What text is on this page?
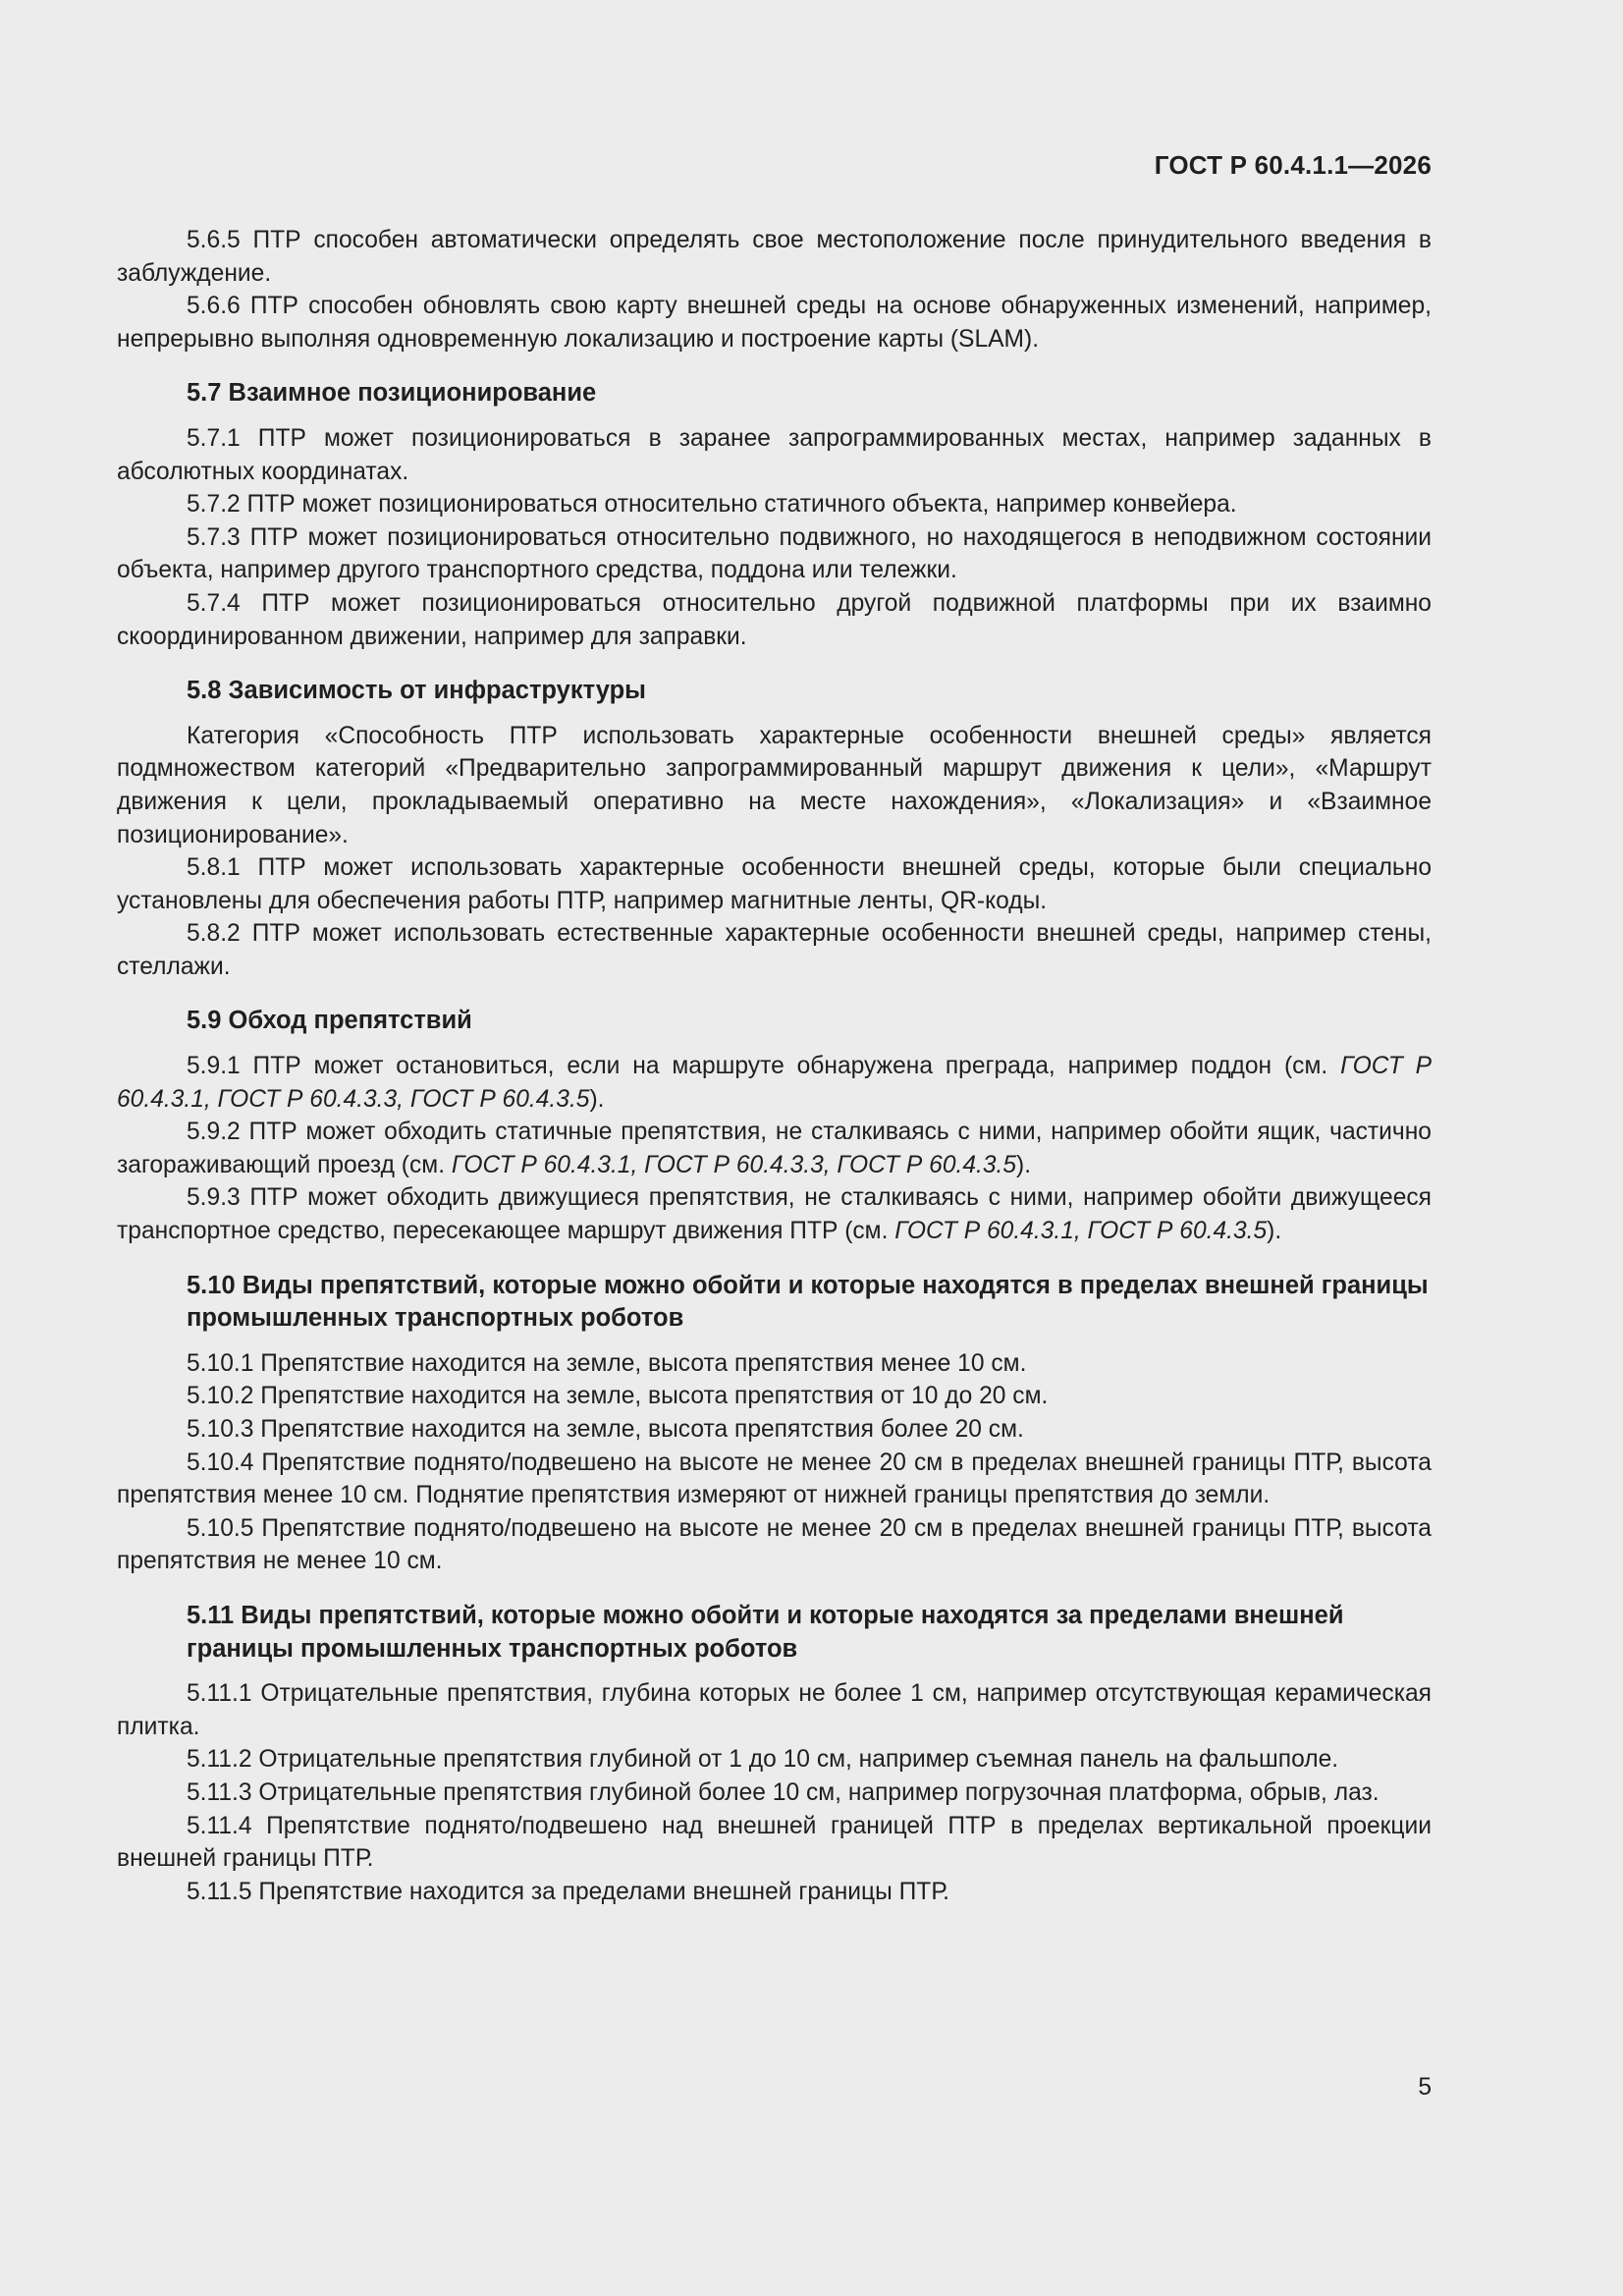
ГОСТ Р 60.4.1.1—2026

5.6.5 ПТР способен автоматически определять свое местоположение после принудительного введения в заблуждение.

5.6.6 ПТР способен обновлять свою карту внешней среды на основе обнаруженных изменений, например, непрерывно выполняя одновременную локализацию и построение карты (SLAM).

5.7 Взаимное позиционирование

5.7.1 ПТР может позиционироваться в заранее запрограммированных местах, например заданных в абсолютных координатах.

5.7.2 ПТР может позиционироваться относительно статичного объекта, например конвейера.

5.7.3 ПТР может позиционироваться относительно подвижного, но находящегося в неподвижном состоянии объекта, например другого транспортного средства, поддона или тележки.

5.7.4 ПТР может позиционироваться относительно другой подвижной платформы при их взаимно скоординированном движении, например для заправки.

5.8 Зависимость от инфраструктуры

Категория «Способность ПТР использовать характерные особенности внешней среды» является подмножеством категорий «Предварительно запрограммированный маршрут движения к цели», «Маршрут движения к цели, прокладываемый оперативно на месте нахождения», «Локализация» и «Взаимное позиционирование».

5.8.1 ПТР может использовать характерные особенности внешней среды, которые были специально установлены для обеспечения работы ПТР, например магнитные ленты, QR-коды.

5.8.2 ПТР может использовать естественные характерные особенности внешней среды, например стены, стеллажи.

5.9 Обход препятствий

5.9.1 ПТР может остановиться, если на маршруте обнаружена преграда, например поддон (см. ГОСТ Р 60.4.3.1, ГОСТ Р 60.4.3.3, ГОСТ Р 60.4.3.5).

5.9.2 ПТР может обходить статичные препятствия, не сталкиваясь с ними, например обойти ящик, частично загораживающий проезд (см. ГОСТ Р 60.4.3.1, ГОСТ Р 60.4.3.3, ГОСТ Р 60.4.3.5).

5.9.3 ПТР может обходить движущиеся препятствия, не сталкиваясь с ними, например обойти движущееся транспортное средство, пересекающее маршрут движения ПТР (см. ГОСТ Р 60.4.3.1, ГОСТ Р 60.4.3.5).

5.10 Виды препятствий, которые можно обойти и которые находятся в пределах внешней границы промышленных транспортных роботов

5.10.1 Препятствие находится на земле, высота препятствия менее 10 см.

5.10.2 Препятствие находится на земле, высота препятствия от 10 до 20 см.

5.10.3 Препятствие находится на земле, высота препятствия более 20 см.

5.10.4 Препятствие поднято/подвешено на высоте не менее 20 см в пределах внешней границы ПТР, высота препятствия менее 10 см. Поднятие препятствия измеряют от нижней границы препятствия до земли.

5.10.5 Препятствие поднято/подвешено на высоте не менее 20 см в пределах внешней границы ПТР, высота препятствия не менее 10 см.

5.11 Виды препятствий, которые можно обойти и которые находятся за пределами внешней границы промышленных транспортных роботов

5.11.1 Отрицательные препятствия, глубина которых не более 1 см, например отсутствующая керамическая плитка.

5.11.2 Отрицательные препятствия глубиной от 1 до 10 см, например съемная панель на фальшполе.

5.11.3 Отрицательные препятствия глубиной более 10 см, например погрузочная платформа, обрыв, лаз.

5.11.4 Препятствие поднято/подвешено над внешней границей ПТР в пределах вертикальной проекции внешней границы ПТР.

5.11.5 Препятствие находится за пределами внешней границы ПТР.

5
